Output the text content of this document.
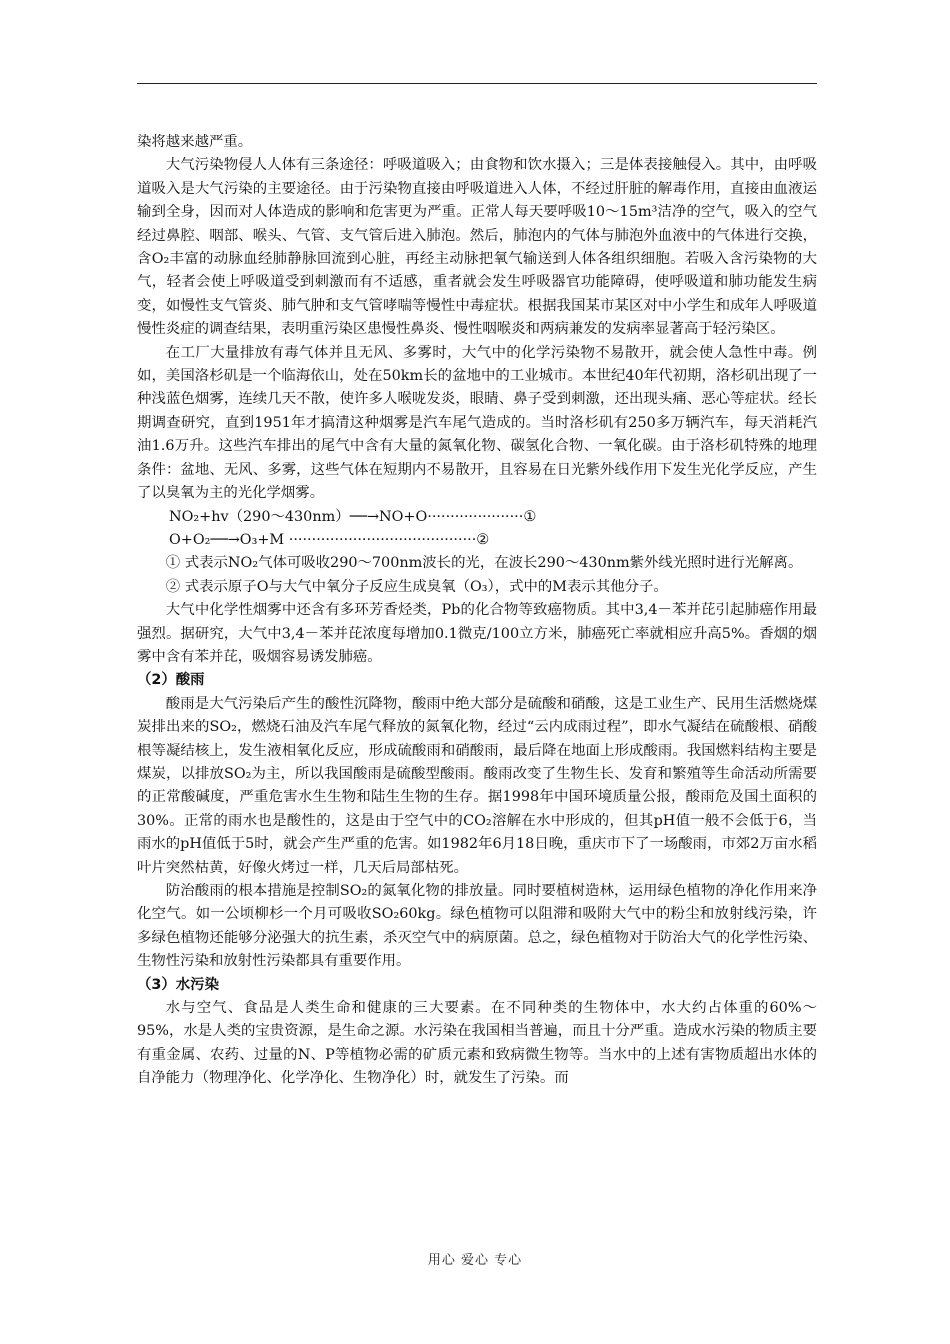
染将越来越严重。

大气污染物侵人人体有三条途径：呼吸道吸入；由食物和饮水摄入；三是体表接触侵入。其中，由呼吸道吸入是大气污染的主要途径。由于污染物直接由呼吸道进入人体，不经过肝脏的解毒作用，直接由血液运输到全身，因而对人体造成的影响和危害更为严重。正常人每天要呼吸10～15m³洁净的空气，吸入的空气经过鼻腔、咽部、喉头、气管、支气管后进入肺泡。然后，肺泡内的气体与肺泡外血液中的气体进行交换，含O₂丰富的动脉血经肺静脉回流到心脏，再经主动脉把氧气输送到人体各组织细胞。若吸入含污染物的大气，轻者会使上呼吸道受到刺激而有不适感，重者就会发生呼吸器官功能障碍，使呼吸道和肺功能发生病变，如慢性支气管炎、肺气肿和支气管哮喘等慢性中毒症状。根据我国某市某区对中小学生和成年人呼吸道慢性炎症的调查结果，表明重污染区患慢性鼻炎、慢性咽喉炎和两病兼发的发病率显著高于轻污染区。

在工厂大量排放有毒气体并且无风、多雾时，大气中的化学污染物不易散开，就会使人急性中毒。例如，美国洛杉矶是一个临海依山，处在50km长的盆地中的工业城市。本世纪40年代初期，洛杉矶出现了一种浅蓝色烟雾，连续几天不散，使许多人喉咙发炎，眼睛、鼻子受到刺激，还出现头痛、恶心等症状。经长期调查研究，直到1951年才搞清这种烟雾是汽车尾气造成的。当时洛杉矶有250多万辆汽车，每天消耗汽油1.6万升。这些汽车排出的尾气中含有大量的氮氧化物、碳氢化合物、一氧化碳。由于洛杉矶特殊的地理条件：盆地、无风、多雾，这些气体在短期内不易散开，且容易在日光紫外线作用下发生光化学反应，产生了以臭氧为主的光化学烟雾。

NO₂+hv（290～430nm）──→NO+O·····················①

O+O₂──→O₃+M ·········································②

① 式表示NO₂气体可吸收290～700nm波长的光，在波长290～430nm紫外线光照时进行光解离。

② 式表示原子O与大气中氧分子反应生成臭氧（O₃），式中的M表示其他分子。

大气中化学性烟雾中还含有多环芳香烃类，Pb的化合物等致癌物质。其中3,4－苯并芘引起肺癌作用最强烈。据研究，大气中3,4－苯并芘浓度每增加0.1微克/100立方米，肺癌死亡率就相应升高5%。香烟的烟雾中含有苯并芘，吸烟容易诱发肺癌。

（2）酸雨

酸雨是大气污染后产生的酸性沉降物，酸雨中绝大部分是硫酸和硝酸，这是工业生产、民用生活燃烧煤炭排出来的SO₂，燃烧石油及汽车尾气释放的氮氧化物，经过“云内成雨过程”，即水气凝结在硫酸根、硝酸根等凝结核上，发生液相氧化反应，形成硫酸雨和硝酸雨，最后降在地面上形成酸雨。我国燃料结构主要是煤炭，以排放SO₂为主，所以我国酸雨是硫酸型酸雨。酸雨改变了生物生长、发育和繁殖等生命活动所需要的正常酸碱度，严重危害水生生物和陆生生物的生存。据1998年中国环境质量公报，酸雨危及国土面积的30%。正常的雨水也是酸性的，这是由于空气中的CO₂溶解在水中形成的，但其pH值一般不会低于6，当雨水的pH值低于5时，就会产生严重的危害。如1982年6月18日晚，重庆市下了一场酸雨，市郊2万亩水稻叶片突然枯黄，好像火烤过一样，几天后局部枯死。

防治酸雨的根本措施是控制SO₂的氮氧化物的排放量。同时要植树造林，运用绿色植物的净化作用来净化空气。如一公顷柳杉一个月可吸收SO₂60kg。绿色植物可以阻滞和吸附大气中的粉尘和放射线污染，许多绿色植物还能够分泌强大的抗生素，杀灭空气中的病原菌。总之，绿色植物对于防治大气的化学性污染、生物性污染和放射性污染都具有重要作用。

（3）水污染

水与空气、食品是人类生命和健康的三大要素。在不同种类的生物体中，水大约占体重的60%～95%，水是人类的宝贵资源，是生命之源。水污染在我国相当普遍，而且十分严重。造成水污染的物质主要有重金属、农药、过量的N、P等植物必需的矿质元素和致病微生物等。当水中的上述有害物质超出水体的自净能力（物理净化、化学净化、生物净化）时，就发生了污染。而

用心 爱心 专心
